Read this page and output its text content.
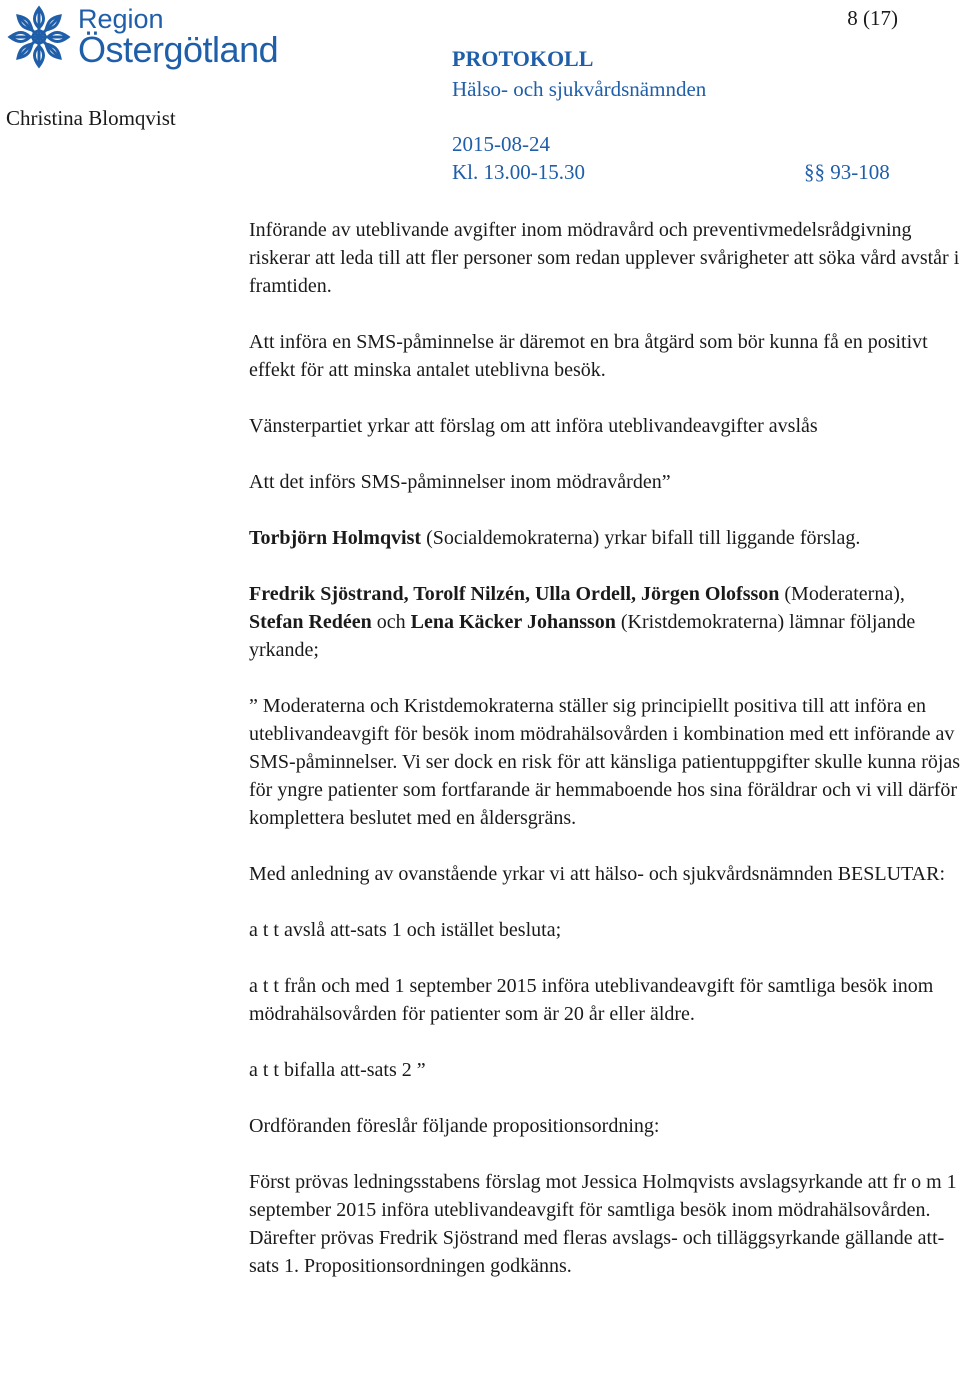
Region
Östergötland
8 (17)
Christina Blomqvist
PROTOKOLL
Hälso- och sjukvårdsnämnden
2015-08-24
Kl. 13.00-15.30	§§ 93-108

Införande av uteblivande avgifter inom mödravård och preventivmedelsrådgivning riskerar att leda till att fler personer som redan upplever svårigheter att söka vård avstår i framtiden.

Att införa en SMS-påminnelse är däremot en bra åtgärd som bör kunna få en positivt effekt för att minska antalet uteblivna besök.

Vänsterpartiet yrkar att förslag om att införa uteblivandeavgifter avslås

Att det införs SMS-påminnelser inom mödravården”

Torbjörn Holmqvist (Socialdemokraterna) yrkar bifall till liggande förslag.

Fredrik Sjöstrand, Torolf Nilzén, Ulla Ordell, Jörgen Olofsson (Moderaterna), Stefan Redéen och Lena Käcker Johansson (Kristdemokraterna) lämnar följande yrkande;

” Moderaterna och Kristdemokraterna ställer sig principiellt positiva till att införa en uteblivandeavgift för besök inom mödrahälsovården i kombination med ett införande av SMS-påminnelser. Vi ser dock en risk för att känsliga patientuppgifter skulle kunna röjas för yngre patienter som fortfarande är hemmaboende hos sina föräldrar och vi vill därför komplettera beslutet med en åldersgräns.

Med anledning av ovanstående yrkar vi att hälso- och sjukvårdsnämnden BESLUTAR:

a t t avslå att-sats 1 och istället besluta;

a t t från och med 1 september 2015 införa uteblivandeavgift för samtliga besök inom mödrahälsovården för patienter som är 20 år eller äldre.

a t t bifalla att-sats 2 ”

Ordföranden föreslår följande propositionsordning:

Först prövas ledningsstabens förslag mot Jessica Holmqvists avslagsyrkande att fr o m 1 september 2015 införa uteblivandeavgift för samtliga besök inom mödrahälsovården. Därefter prövas Fredrik Sjöstrand med fleras avslags- och tilläggsyrkande gällande att-sats 1. Propositionsordningen godkänns.
